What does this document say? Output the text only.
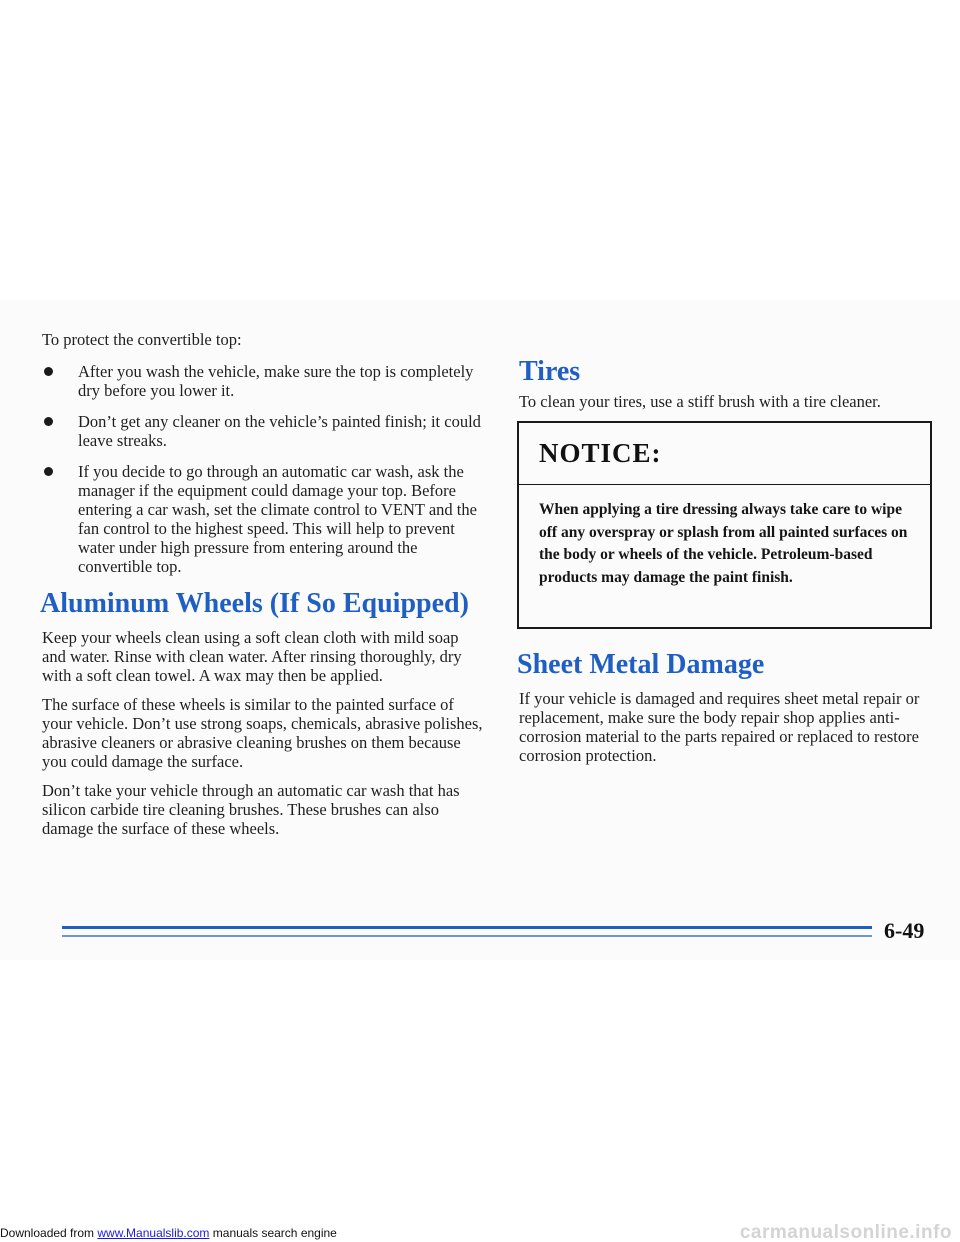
To protect the convertible top:

After you wash the vehicle, make sure the top is completely dry before you lower it.
Don’t get any cleaner on the vehicle’s painted finish; it could leave streaks.
If you decide to go through an automatic car wash, ask the manager if the equipment could damage your top. Before entering a car wash, set the climate control to VENT and the fan control to the highest speed. This will help to prevent water under high pressure from entering around the convertible top.
Aluminum Wheels (If So Equipped)

Keep your wheels clean using a soft clean cloth with mild soap and water. Rinse with clean water. After rinsing thoroughly, dry with a soft clean towel. A wax may then be applied.

The surface of these wheels is similar to the painted surface of your vehicle. Don’t use strong soaps, chemicals, abrasive polishes, abrasive cleaners or abrasive cleaning brushes on them because you could damage the surface.

Don’t take your vehicle through an automatic car wash that has silicon carbide tire cleaning brushes. These brushes can also damage the surface of these wheels.

Tires

To clean your tires, use a stiff brush with a tire cleaner.

NOTICE:
When applying a tire dressing always take care to wipe off any overspray or splash from all painted surfaces on the body or wheels of the vehicle. Petroleum-based products may damage the paint finish.
Sheet Metal Damage

If your vehicle is damaged and requires sheet metal repair or replacement, make sure the body repair shop applies anti-corrosion material to the parts repaired or replaced to restore corrosion protection.

6-49
Downloaded from www.Manualslib.com manuals search engine	carmanualsonline.info
